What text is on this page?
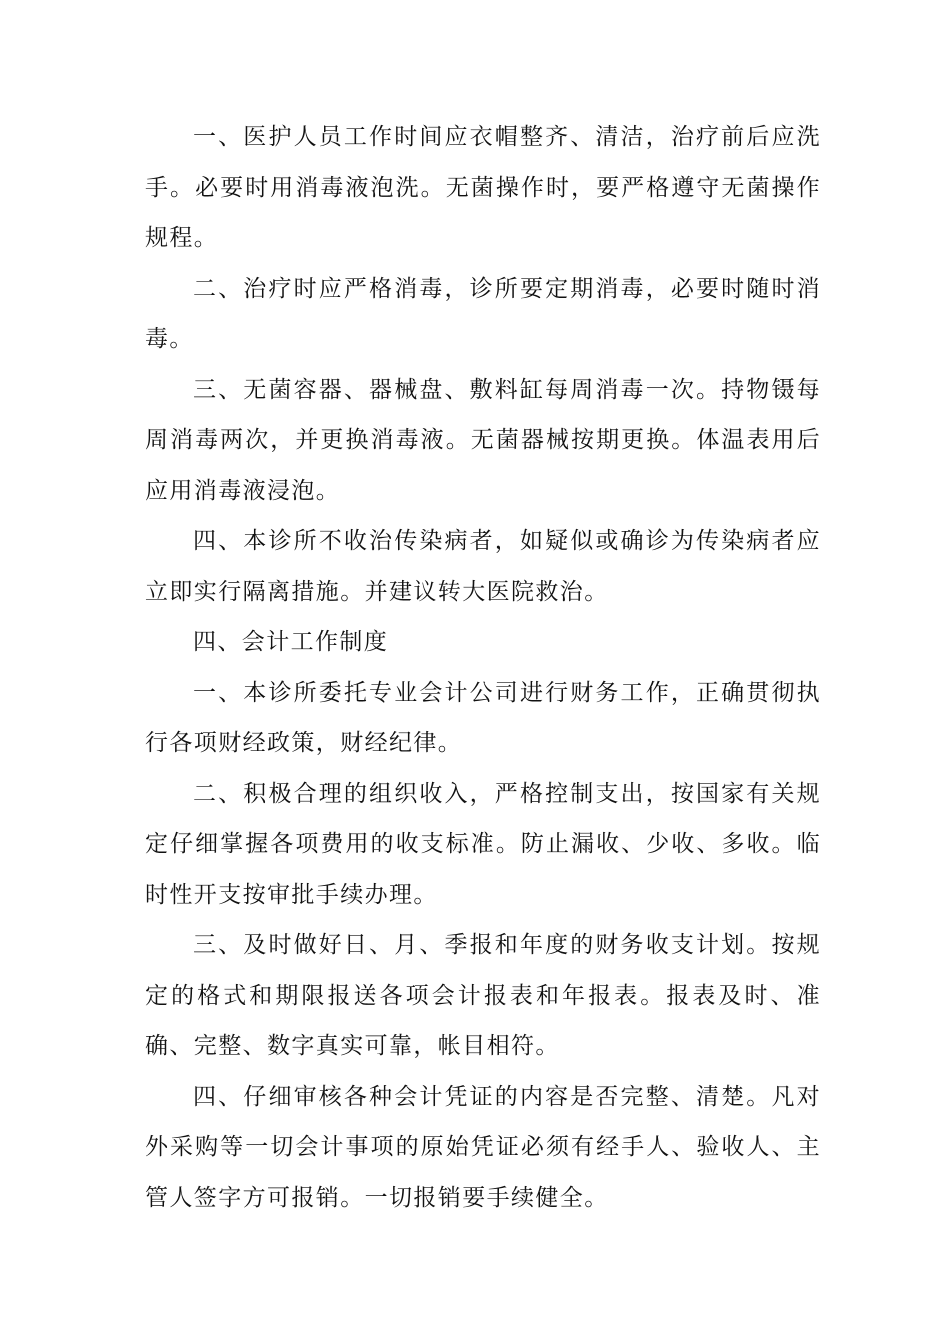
一、医护人员工作时间应衣帽整齐、清洁，治疗前后应洗手。必要时用消毒液泡洗。无菌操作时，要严格遵守无菌操作规程。

二、治疗时应严格消毒，诊所要定期消毒，必要时随时消毒。

三、无菌容器、器械盘、敷料缸每周消毒一次。持物镊每周消毒两次，并更换消毒液。无菌器械按期更换。体温表用后应用消毒液浸泡。

四、本诊所不收治传染病者，如疑似或确诊为传染病者应立即实行隔离措施。并建议转大医院救治。

四、会计工作制度

一、本诊所委托专业会计公司进行财务工作，正确贯彻执行各项财经政策，财经纪律。

二、积极合理的组织收入，严格控制支出，按国家有关规定仔细掌握各项费用的收支标准。防止漏收、少收、多收。临时性开支按审批手续办理。

三、及时做好日、月、季报和年度的财务收支计划。按规定的格式和期限报送各项会计报表和年报表。报表及时、准确、完整、数字真实可靠，帐目相符。

四、仔细审核各种会计凭证的内容是否完整、清楚。凡对外采购等一切会计事项的原始凭证必须有经手人、验收人、主管人签字方可报销。一切报销要手续健全。
